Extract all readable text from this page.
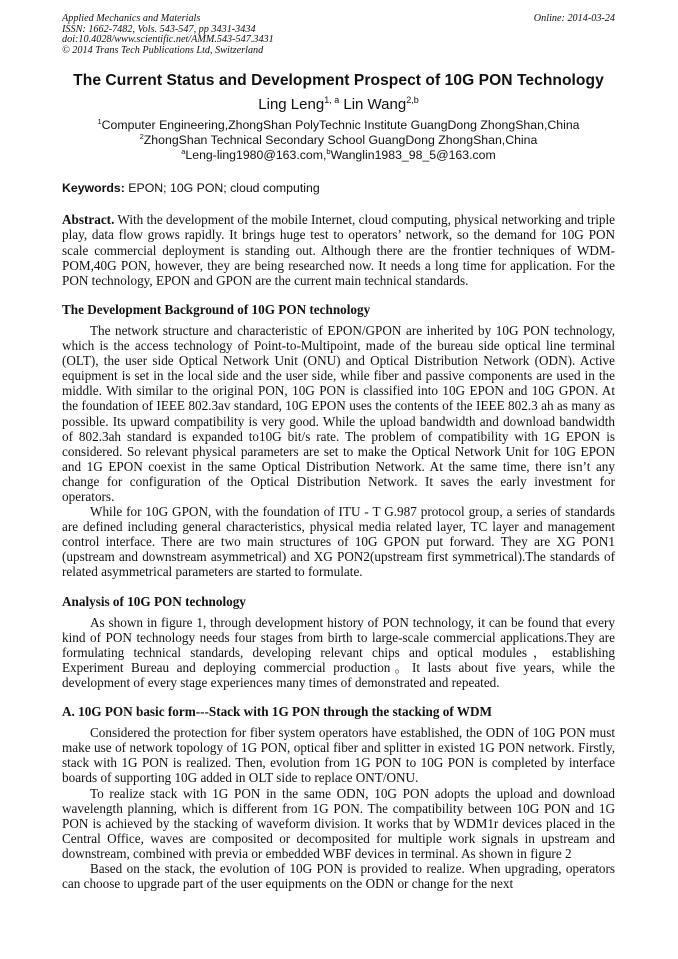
Applied Mechanics and Materials
ISSN: 1662-7482, Vols. 543-547, pp 3431-3434
doi:10.4028/www.scientific.net/AMM.543-547.3431
© 2014 Trans Tech Publications Ltd, Switzerland
Online: 2014-03-24
The Current Status and Development Prospect of 10G PON Technology
Ling Leng$^{1, a}$ Lin Wang$^{2,b}$
$^1$Computer Engineering,ZhongShan PolyTechnic Institute GuangDong ZhongShan,China
$^2$ZhongShan Technical Secondary School GuangDong ZhongShan,China
$^a$Leng-ling1980@163.com,$^b$Wanglin1983_98_5@163.com
Keywords: EPON; 10G PON; cloud computing

Abstract. With the development of the mobile Internet, cloud computing, physical networking and triple play, data flow grows rapidly. It brings huge test to operators’ network, so the demand for 10G PON scale commercial deployment is standing out. Although there are the frontier techniques of WDM-POM,40G PON, however, they are being researched now. It needs a long time for application. For the PON technology, EPON and GPON are the current main technical standards.

The Development Background of 10G PON technology

The network structure and characteristic of EPON/GPON are inherited by 10G PON technology, which is the access technology of Point-to-Multipoint, made of the bureau side optical line terminal (OLT), the user side Optical Network Unit (ONU) and Optical Distribution Network (ODN). Active equipment is set in the local side and the user side, while fiber and passive components are used in the middle. With similar to the original PON, 10G PON is classified into 10G EPON and 10G GPON. At the foundation of IEEE 802.3av standard, 10G EPON uses the contents of the IEEE 802.3 ah as many as possible. Its upward compatibility is very good. While the upload bandwidth and download bandwidth of 802.3ah standard is expanded to10G bit/s rate. The problem of compatibility with 1G EPON is considered. So relevant physical parameters are set to make the Optical Network Unit for 10G EPON and 1G EPON coexist in the same Optical Distribution Network. At the same time, there isn’t any change for configuration of the Optical Distribution Network. It saves the early investment for operators.

While for 10G GPON, with the foundation of ITU - T G.987 protocol group, a series of standards are defined including general characteristics, physical media related layer, TC layer and management control interface. There are two main structures of 10G GPON put forward. They are XG PON1 (upstream and downstream asymmetrical) and XG PON2(upstream first symmetrical).The standards of related asymmetrical parameters are started to formulate.

Analysis of 10G PON technology

As shown in figure 1, through development history of PON technology, it can be found that every kind of PON technology needs four stages from birth to large-scale commercial applications.They are formulating technical standards, developing relevant chips and optical modules，establishing Experiment Bureau and deploying commercial production。It lasts about five years, while the development of every stage experiences many times of demonstrated and repeated.

A. 10G PON basic form---Stack with 1G PON through the stacking of WDM

Considered the protection for fiber system operators have established, the ODN of 10G PON must make use of network topology of 1G PON, optical fiber and splitter in existed 1G PON network. Firstly, stack with 1G PON is realized. Then, evolution from 1G PON to 10G PON is completed by interface boards of supporting 10G added in OLT side to replace ONT/ONU.

To realize stack with 1G PON in the same ODN, 10G PON adopts the upload and download wavelength planning, which is different from 1G PON. The compatibility between 10G PON and 1G PON is achieved by the stacking of waveform division. It works that by WDM1r devices placed in the Central Office, waves are composited or decomposited for multiple work signals in upstream and downstream, combined with previa or embedded WBF devices in terminal. As shown in figure 2

Based on the stack, the evolution of 10G PON is provided to realize. When upgrading, operators can choose to upgrade part of the user equipments on the ODN or change for the next
